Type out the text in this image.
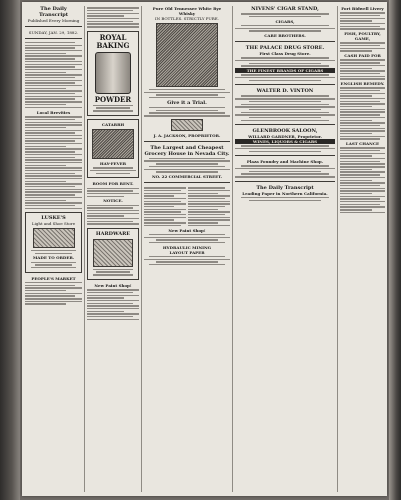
The Daily Transcript
Published Every Morning
SUNDAY, JAN. 29, 1882.
Local Brevities
LUSKE'S
Light and Shoe Store
MADE TO ORDER.
PEOPLE'S MARKET
ROYAL
BAKING
POWDER
CATARRH
HAY-FEVER
ROOM FOR RENT.
NOTICE.
HARDWARE
New Paint Shop!
Pure Old Tennessee White Rye Whisky
IN BOTTLES. STRICTLY PURE.
Give it a Trial.
J. A. JACKSON, PROPRIETOR.
The Largest and Cheapest
Grocery House in Nevada City.
NO. 22 COMMERCIAL STREET.
New Paint Shop!
HYDRAULIC MINING
LAYOUT PAPER
NIVENS' CIGAR STAND,
CIGARS,
CARE BROTHERS.
THE PALACE DRUG STORE.
First Class Drug Store.
THE FINEST BRANDS OF CIGARS
WALTER D. VINTON
GLENBROOK SALOON,
WILLARD GARDNER, Proprietor.
WINES, LIQUORS & CIGARS
Plaza Foundry and Machine Shop.
The Daily Transcript
Leading Paper in Northern California.
Fort Bidwell Livery
FISH, POULTRY, GAME,
CASH PAID FOR
ENGLISH REMEDY.
LAST CHANCE
